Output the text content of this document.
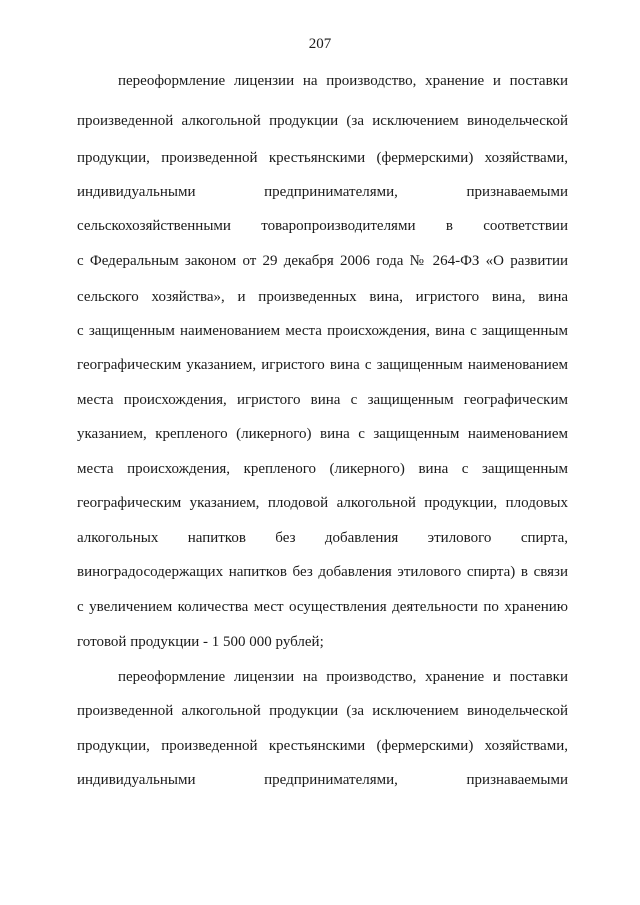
207
переоформление лицензии на производство, хранение и поставки
произведенной алкогольной продукции (за исключением винодельческой
продукции, произведенной крестьянскими (фермерскими) хозяйствами,
индивидуальными предпринимателями, признаваемыми
сельскохозяйственными товаропроизводителями в соответствии
с Федеральным законом от 29 декабря 2006 года № 264-ФЗ «О развитии
сельского хозяйства», и произведенных вина, игристого вина, вина
с защищенным наименованием места происхождения, вина с защищенным
географическим указанием, игристого вина с защищенным наименованием
места происхождения, игристого вина с защищенным географическим
указанием, крепленого (ликерного) вина с защищенным наименованием
места происхождения, крепленого (ликерного) вина с защищенным
географическим указанием, плодовой алкогольной продукции, плодовых
алкогольных напитков без добавления этилового спирта,
виноградосодержащих напитков без добавления этилового спирта) в связи
с увеличением количества мест осуществления деятельности по хранению
готовой продукции - 1 500 000 рублей;
переоформление лицензии на производство, хранение и поставки
произведенной алкогольной продукции (за исключением винодельческой
продукции, произведенной крестьянскими (фермерскими) хозяйствами,
индивидуальными предпринимателями, признаваемыми
